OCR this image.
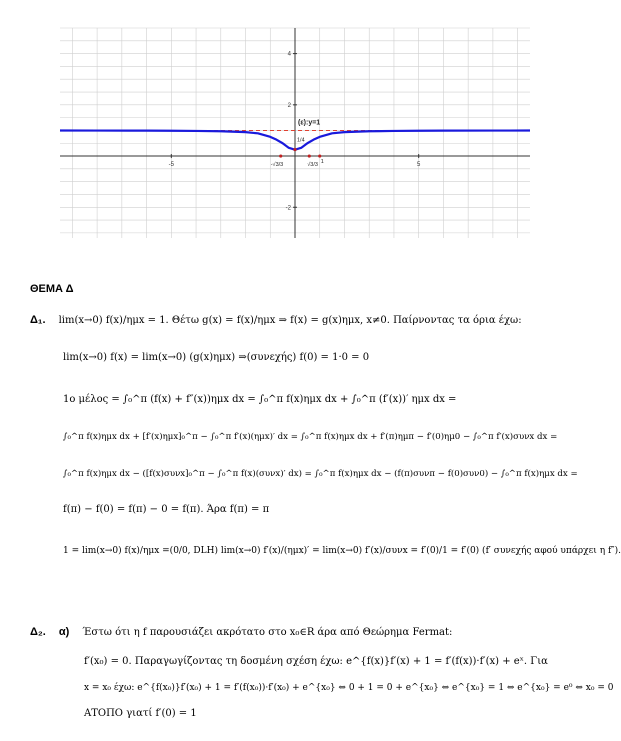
-5	5
4
2
-2
(ε):y=1
1/4
-√3/3	√3/3 1
ΘΕΜΑ Δ
Δ₁. lim(x→0) f(x)/ημx = 1. Θέτω g(x) = f(x)/ημx ⇒ f(x) = g(x)ημx, x≠0. Παίρνοντας τα όρια έχω:
lim(x→0) f(x) = lim(x→0) (g(x)ημx) ⇒(συνεχής) f(0) = 1·0 = 0
1ο μέλος = ∫₀^π (f(x) + f″(x))ημx dx = ∫₀^π f(x)ημx dx + ∫₀^π (f′(x))′ ημx dx =
∫₀^π f(x)ημx dx + [f′(x)ημx]₀^π − ∫₀^π f′(x)(ημx)′ dx = ∫₀^π f(x)ημx dx + f′(π)ημπ − f′(0)ημ0 − ∫₀^π f′(x)συνx dx =
∫₀^π f(x)ημx dx − ([f(x)συνx]₀^π − ∫₀^π f(x)(συνx)′ dx) = ∫₀^π f(x)ημx dx − (f(π)συνπ − f(0)συν0) − ∫₀^π f(x)ημx dx =
f(π) − f(0) = f(π) − 0 = f(π). Άρα f(π) = π
1 = lim(x→0) f(x)/ημx =(0/0, DLH) lim(x→0) f′(x)/(ημx)′ = lim(x→0) f′(x)/συνx = f′(0)/1 = f′(0) (f′ συνεχής αφού υπάρχει η f″).
Δ₂. α) Έστω ότι η f παρουσιάζει ακρότατο στο x₀∈R άρα από Θεώρημα Fermat:
f′(x₀) = 0. Παραγωγίζοντας τη δοσμένη σχέση έχω: e^{f(x)}f′(x) + 1 = f′(f(x))·f′(x) + eˣ. Για
x = x₀ έχω: e^{f(x₀)}f′(x₀) + 1 = f′(f(x₀))·f′(x₀) + e^{x₀} ⇔ 0 + 1 = 0 + e^{x₀} ⇔ e^{x₀} = 1 ⇔ e^{x₀} = e⁰ ⇔ x₀ = 0
ΑΤΟΠΟ γιατί f′(0) = 1
